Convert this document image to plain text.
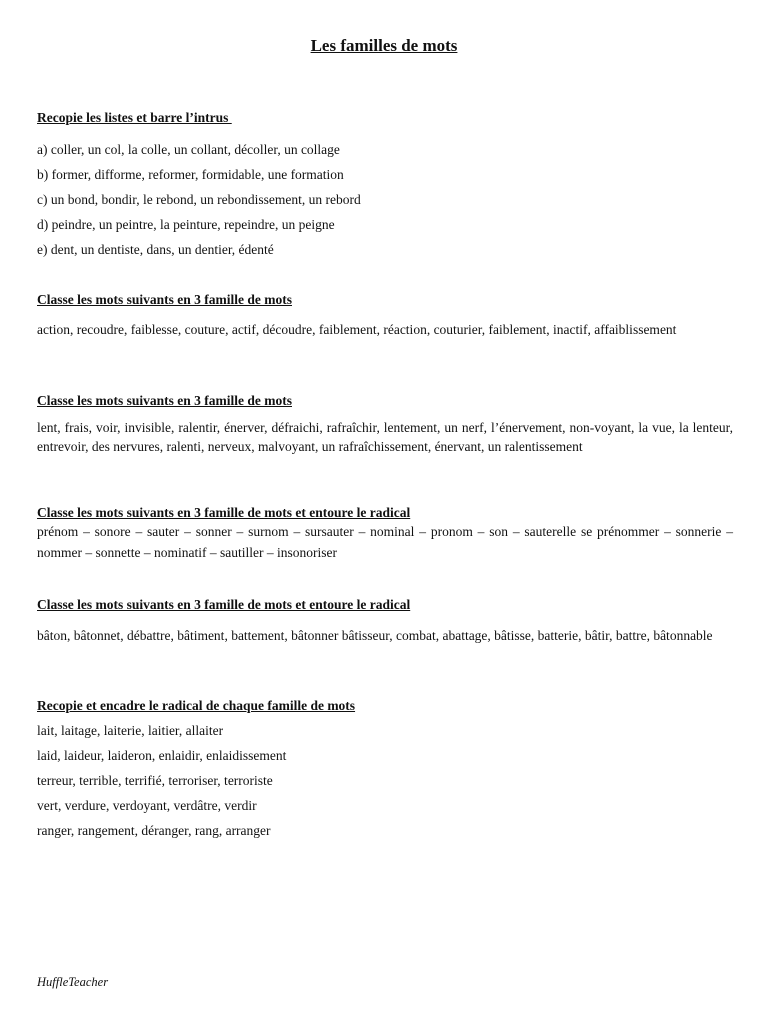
Les familles de mots

Recopie les listes et barre l’intrus

a) coller, un col, la colle, un collant, décoller, un collage

b) former, difforme, reformer, formidable, une formation

c) un bond, bondir, le rebond, un rebondissement, un rebord

d) peindre, un peintre, la peinture, repeindre, un peigne

e) dent, un dentiste, dans, un dentier, édenté

Classe les mots suivants en 3 famille de mots

action, recoudre, faiblesse, couture, actif, découdre, faiblement, réaction, couturier, faiblement, inactif, affaiblissement

Classe les mots suivants en 3 famille de mots

lent, frais, voir, invisible, ralentir, énerver, défraichi, rafraîchir, lentement, un nerf, l’énervement, non-voyant, la vue, la lenteur, entrevoir, des nervures, ralenti, nerveux, malvoyant, un rafraîchissement, énervant, un ralentissement

Classe les mots suivants en 3 famille de mots et entoure le radical

prénom – sonore – sauter – sonner – surnom – sursauter – nominal – pronom – son – sauterelle se prénommer – sonnerie – nommer – sonnette – nominatif – sautiller – insonoriser

Classe les mots suivants en 3 famille de mots et entoure le radical

bâton, bâtonnet, débattre, bâtiment, battement, bâtonner bâtisseur, combat, abattage, bâtisse, batterie, bâtir, battre, bâtonnable

Recopie et encadre le radical de chaque famille de mots

lait, laitage, laiterie, laitier, allaiter

laid, laideur, laideron, enlaidir, enlaidissement

terreur, terrible, terrifié, terroriser, terroriste

vert, verdure, verdoyant, verdâtre, verdir

ranger, rangement, déranger, rang, arranger

HuffleTeacher
